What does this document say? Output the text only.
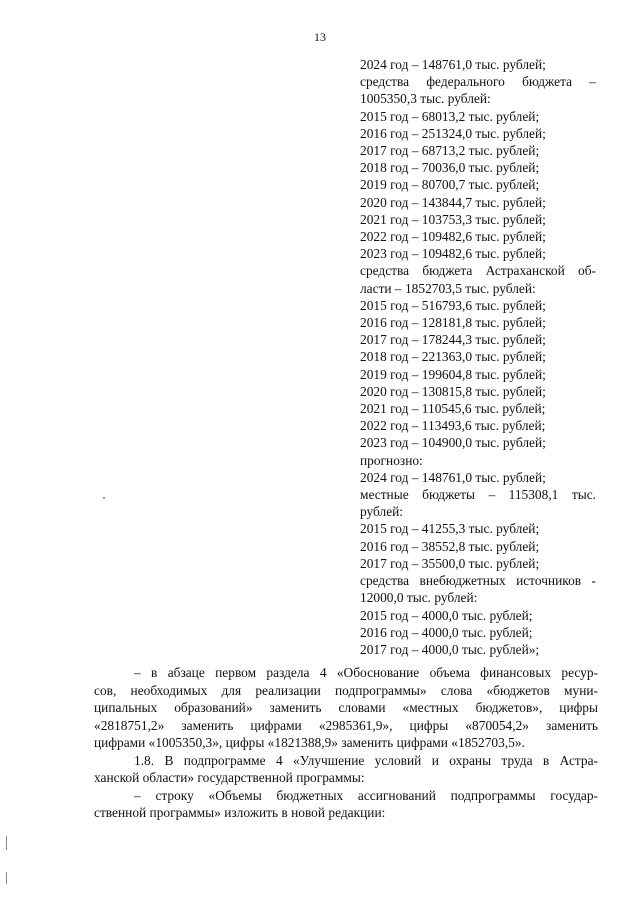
13
2024 год – 148761,0 тыс. рублей;
средства федерального бюджета –
1005350,3 тыс. рублей:
2015 год – 68013,2 тыс. рублей;
2016 год – 251324,0 тыс. рублей;
2017 год – 68713,2 тыс. рублей;
2018 год – 70036,0 тыс. рублей;
2019 год – 80700,7 тыс. рублей;
2020 год – 143844,7 тыс. рублей;
2021 год – 103753,3 тыс. рублей;
2022 год – 109482,6 тыс. рублей;
2023 год – 109482,6 тыс. рублей;
средства бюджета Астраханской об-
ласти – 1852703,5 тыс. рублей:
2015 год – 516793,6 тыс. рублей;
2016 год – 128181,8 тыс. рублей;
2017 год – 178244,3 тыс. рублей;
2018 год – 221363,0 тыс. рублей;
2019 год – 199604,8 тыс. рублей;
2020 год – 130815,8 тыс. рублей;
2021 год – 110545,6 тыс. рублей;
2022 год – 113493,6 тыс. рублей;
2023 год – 104900,0 тыс. рублей;
прогнозно:
2024 год – 148761,0 тыс. рублей;
местные бюджеты – 115308,1 тыс.
рублей:
2015 год – 41255,3 тыс. рублей;
2016 год – 38552,8 тыс. рублей;
2017 год – 35500,0 тыс. рублей;
средства внебюджетных источников -
12000,0 тыс. рублей:
2015 год – 4000,0 тыс. рублей;
2016 год – 4000,0 тыс. рублей;
2017 год – 4000,0 тыс. рублей»;

– в абзаце первом раздела 4 «Обоснование объема финансовых ресур-
сов, необходимых для реализации подпрограммы» слова «бюджетов муни-
ципальных образований» заменить словами «местных бюджетов», цифры
«2818751,2» заменить цифрами «2985361,9», цифры «870054,2» заменить
цифрами «1005350,3», цифры «1821388,9» заменить цифрами «1852703,5».

1.8. В подпрограмме 4 «Улучшение условий и охраны труда в Астра-
ханской области» государственной программы:

– строку «Объемы бюджетных ассигнований подпрограммы государ-
ственной программы» изложить в новой редакции:
